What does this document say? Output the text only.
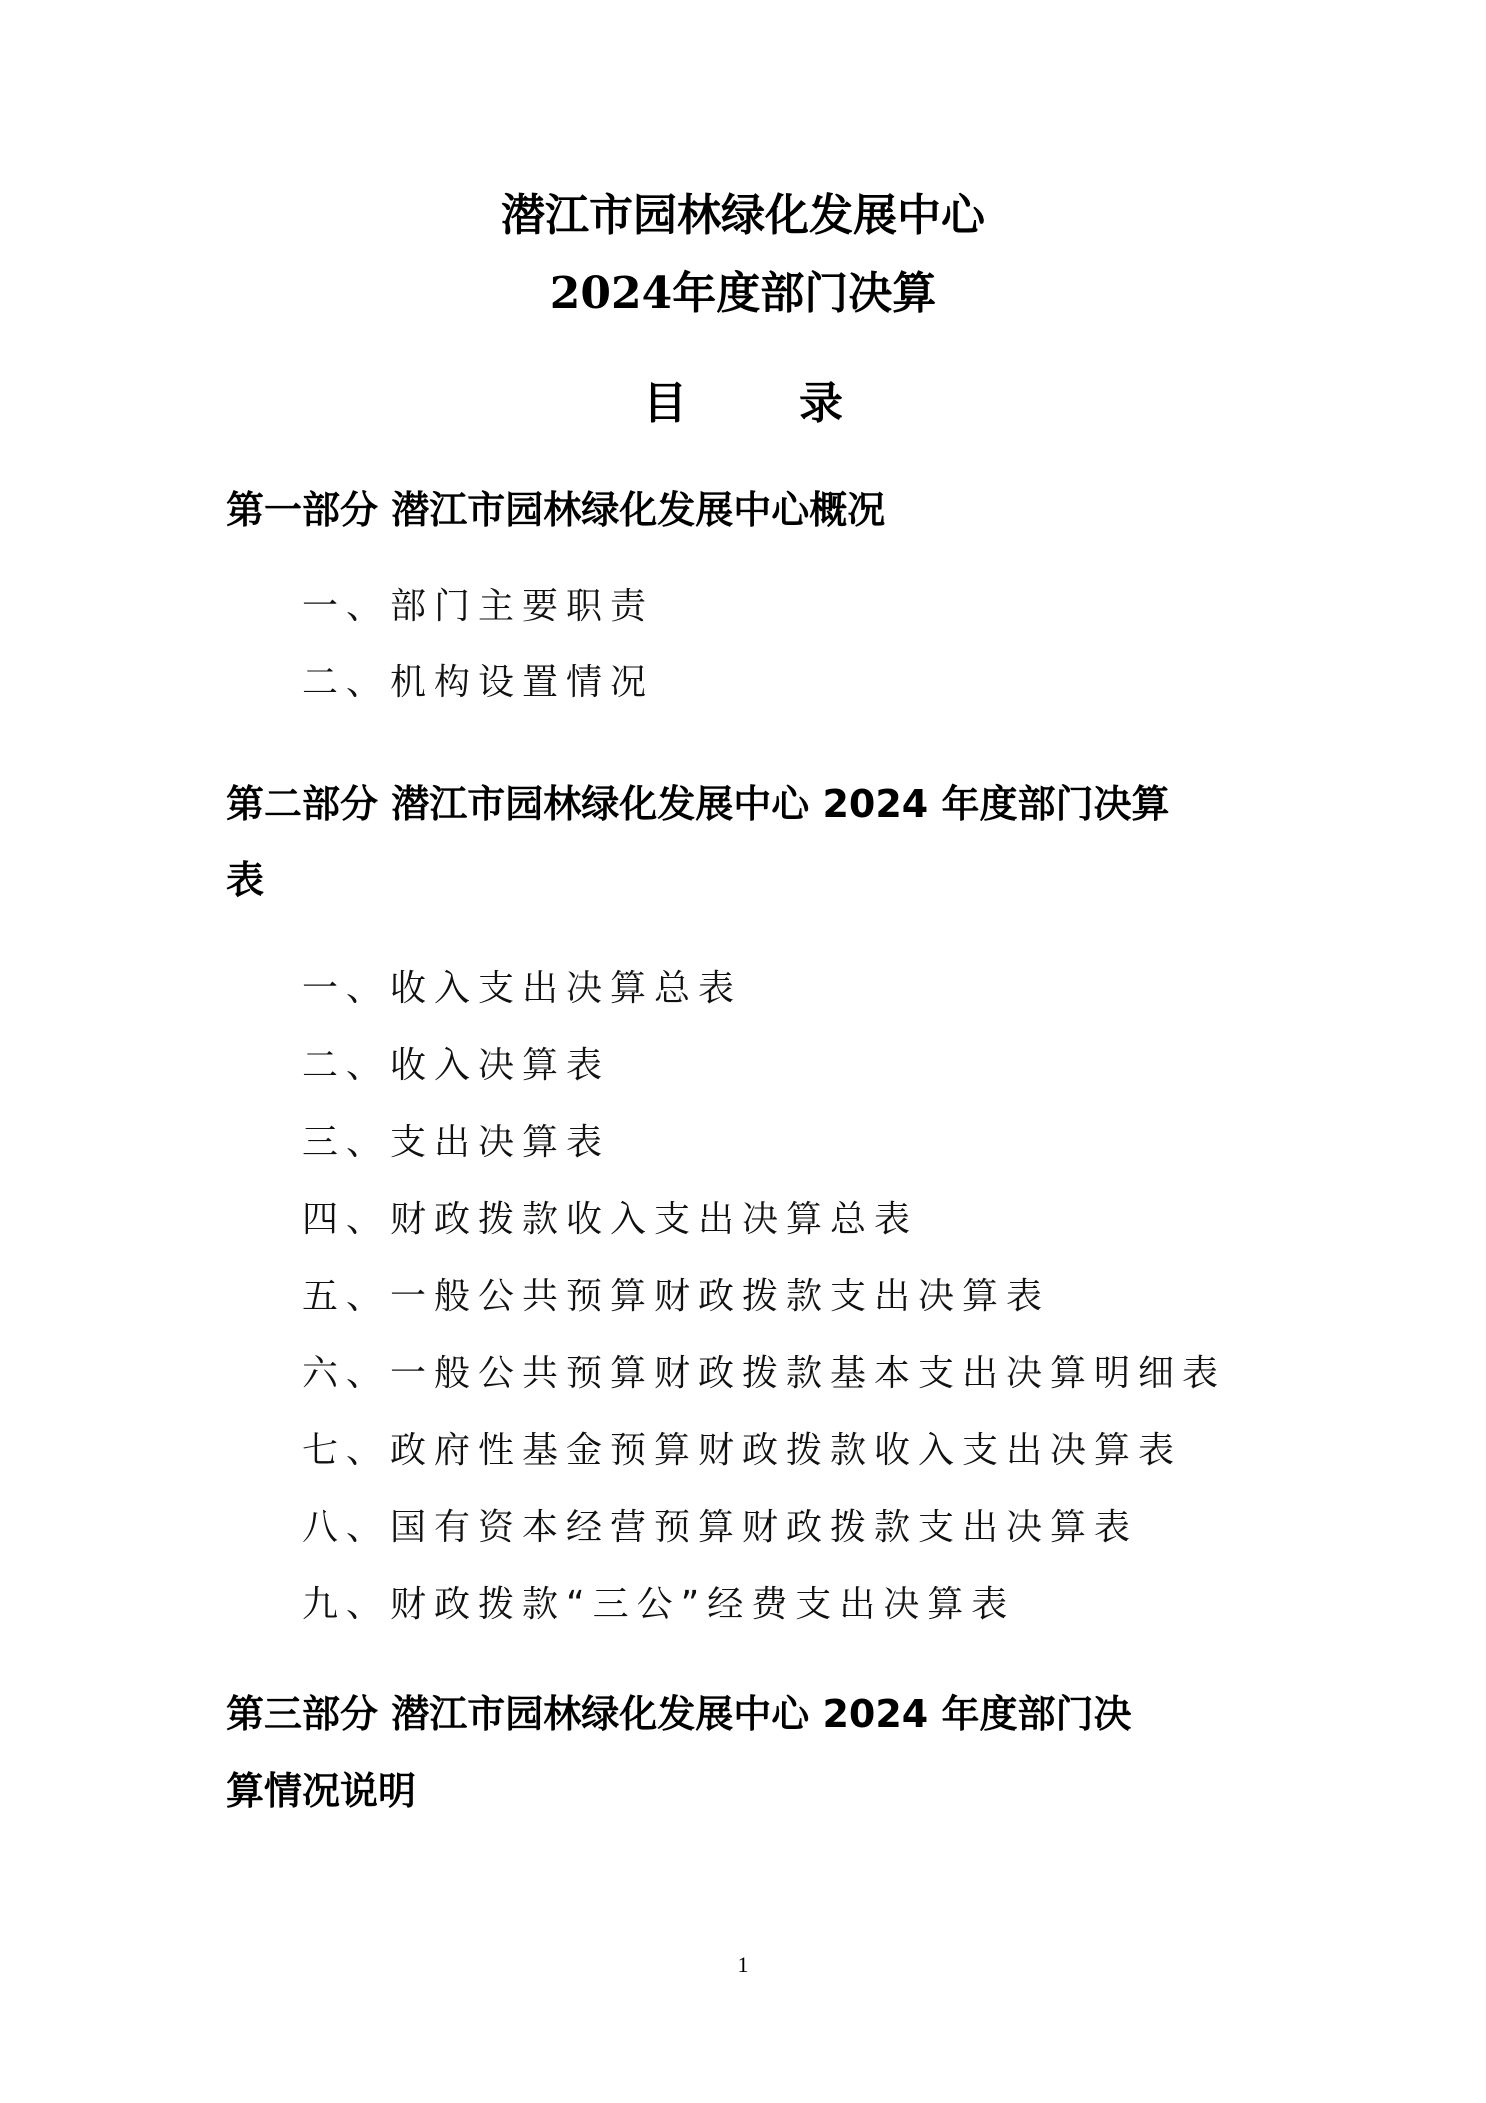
潜江市园林绿化发展中心
2024年度部门决算
目	录
第一部分 潜江市园林绿化发展中心概况
一、部门主要职责
二、机构设置情况
第二部分 潜江市园林绿化发展中心 2024 年度部门决算
表
一、收入支出决算总表
二、收入决算表
三、支出决算表
四、财政拨款收入支出决算总表
五、一般公共预算财政拨款支出决算表
六、一般公共预算财政拨款基本支出决算明细表
七、政府性基金预算财政拨款收入支出决算表
八、国有资本经营预算财政拨款支出决算表
九、财政拨款“三公”经费支出决算表
第三部分 潜江市园林绿化发展中心 2024 年度部门决
算情况说明
1
